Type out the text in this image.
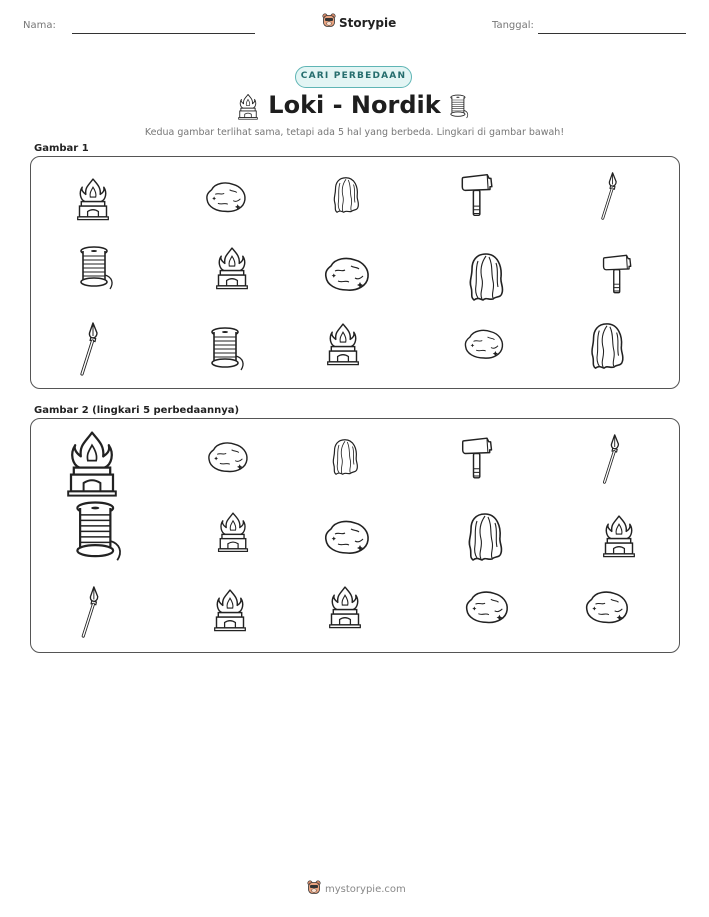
Nama:	Storypie	Tanggal:
CARI PERBEDAAN
Loki - Nordik
Kedua gambar terlihat sama, tetapi ada 5 hal yang berbeda. Lingkari di gambar bawah!
Gambar 1
Gambar 2 (lingkari 5 perbedaannya)
mystorypie.com
